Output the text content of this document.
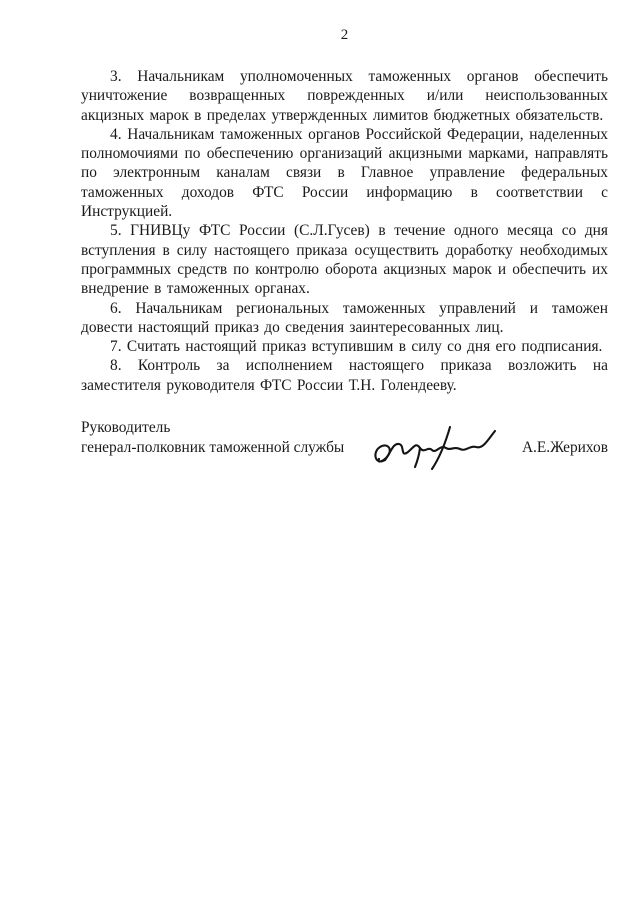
2

3. Начальникам уполномоченных таможенных органов обеспечить уничтожение возвращенных поврежденных и/или неиспользованных акцизных марок в пределах утвержденных лимитов бюджетных обязательств.

4. Начальникам таможенных органов Российской Федерации, наделенных полномочиями по обеспечению организаций акцизными марками, направлять по электронным каналам связи в Главное управление федеральных таможенных доходов ФТС России информацию в соответствии с Инструкцией.

5. ГНИВЦу ФТС России (С.Л.Гусев) в течение одного месяца со дня вступления в силу настоящего приказа осуществить доработку необходимых программных средств по контролю оборота акцизных марок и обеспечить их внедрение в таможенных органах.

6. Начальникам региональных таможенных управлений и таможен довести настоящий приказ до сведения заинтересованных лиц.

7. Считать настоящий приказ вступившим в силу со дня его подписания.

8. Контроль за исполнением настоящего приказа возложить на заместителя руководителя ФТС России Т.Н. Голендееву.

Руководитель
генерал-полковник таможенной службы	А.Е.Жерихов
